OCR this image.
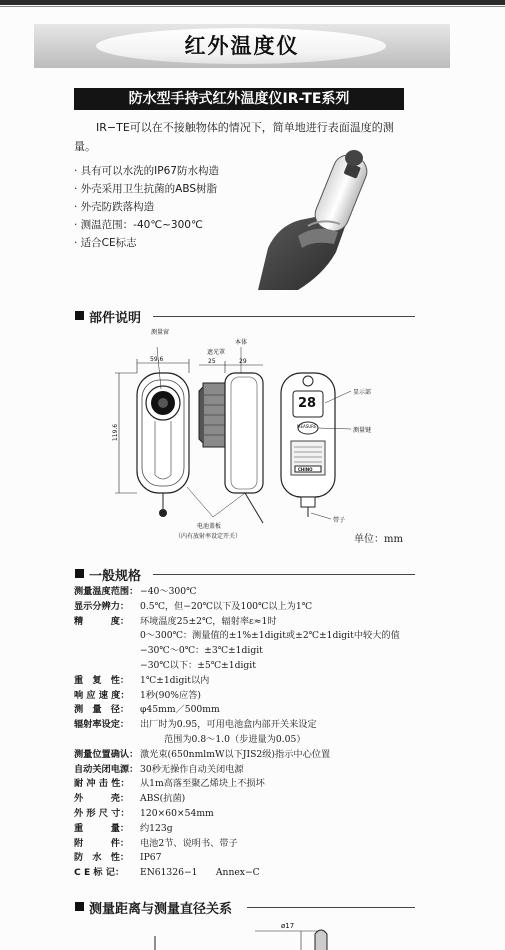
红外温度仪
防水型手持式红外温度仪IR-TE系列
IR−TE可以在不接触物体的情况下，简单地进行表面温度的测量。
· 具有可以水洗的IP67防水构造
· 外壳采用卫生抗菌的ABS树脂
· 外壳防跌落构造
· 测温范围：-40℃~300℃
· 适合CE标志
部件说明
测量窗
本体
遮光罩
59.6	25	29
119.6
28
MEASURE
CHINO
显示部
测量键
电池盖板
（内有放射率设定开关）
带子
单位：mm
一般规格
测量温度范围： −40～300℃
显示分辨力： 0.5℃，但−20℃以下及100℃以上为1℃
精　　　度： 环境温度25±2℃，辐射率ε≈1时
0～300℃：测量值的±1%±1digit或±2℃±1digit中较大的值
−30℃～0℃：±3℃±1digit
−30℃以下：±5℃±1digit
重　复　性： 1℃±1digit以内
响 应 速 度： 1秒(90%应答)
测　量　径： φ45mm／500mm
辐射率设定： 出厂时为0.95，可用电池盒内部开关来设定
范围为0.8～1.0（步进量为0.05）
测量位置确认： 激光束(650nmlmW以下JIS2级)指示中心位置
自动关闭电源： 30秒无操作自动关闭电源
耐 冲 击 性： 从1m高落至聚乙烯块上不损坏
外　　　壳： ABS(抗菌)
外 形 尺 寸： 120×60×54mm
重　　　量： 约123g
附　　　件： 电池2节、说明书、带子
防　水　性： IP67
C E 标 记： EN61326−1　　Annex−C
测量距离与测量直径关系
ø17
